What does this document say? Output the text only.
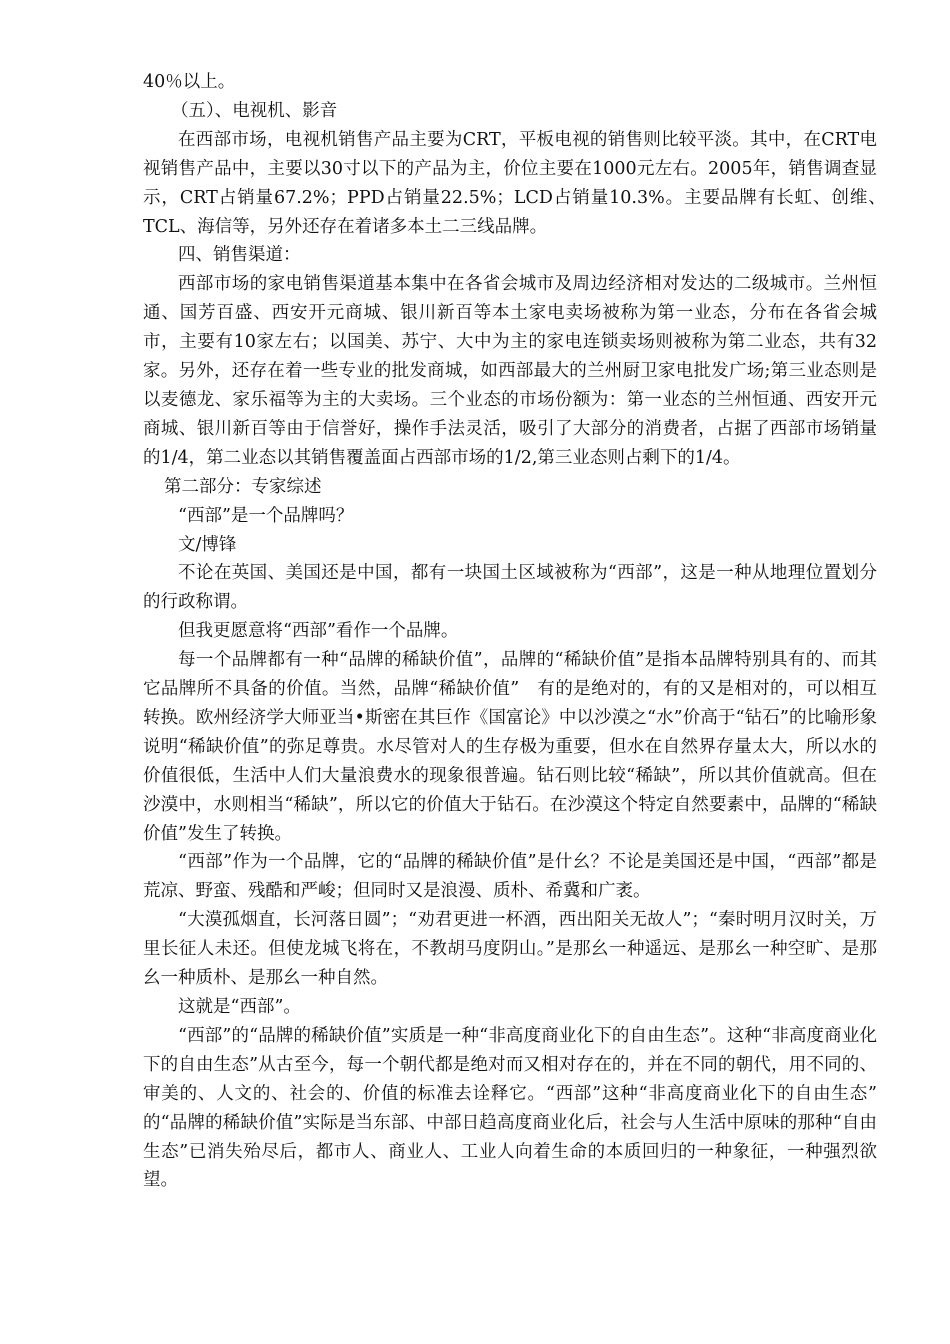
40％以上。

（五）、电视机、影音

在西部市场，电视机销售产品主要为CRT，平板电视的销售则比较平淡。其中，在CRT电视销售产品中，主要以30寸以下的产品为主，价位主要在1000元左右。2005年，销售调查显示，CRT占销量67.2%；PPD占销量22.5%；LCD占销量10.3%。主要品牌有长虹、创维、　TCL、海信等，另外还存在着诸多本土二三线品牌。

四、销售渠道：

西部市场的家电销售渠道基本集中在各省会城市及周边经济相对发达的二级城市。兰州恒通、国芳百盛、西安开元商城、银川新百等本土家电卖场被称为第一业态，分布在各省会城市，主要有10家左右；以国美、苏宁、大中为主的家电连锁卖场则被称为第二业态，共有32家。另外，还存在着一些专业的批发商城，如西部最大的兰州厨卫家电批发广场;第三业态则是以麦德龙、家乐福等为主的大卖场。三个业态的市场份额为：第一业态的兰州恒通、西安开元商城、银川新百等由于信誉好，操作手法灵活，吸引了大部分的消费者，占据了西部市场销量的1/4，第二业态以其销售覆盖面占西部市场的1/2,第三业态则占剩下的1/4。

第二部分：专家综述

“西部”是一个品牌吗？

文/博锋

不论在英国、美国还是中国，都有一块国土区域被称为“西部”，这是一种从地理位置划分的行政称谓。

但我更愿意将“西部”看作一个品牌。

每一个品牌都有一种“品牌的稀缺价值”，品牌的“稀缺价值”是指本品牌特别具有的、而其它品牌所不具备的价值。当然，品牌“稀缺价值”　有的是绝对的，有的又是相对的，可以相互转换。欧州经济学大师亚当•斯密在其巨作《国富论》中以沙漠之“水”价高于“钻石”的比喻形象说明“稀缺价值”的弥足尊贵。水尽管对人的生存极为重要，但水在自然界存量太大，所以水的价值很低，生活中人们大量浪费水的现象很普遍。钻石则比较“稀缺”，所以其价值就高。但在沙漠中，水则相当“稀缺”，所以它的价值大于钻石。在沙漠这个特定自然要素中，品牌的“稀缺价值”发生了转换。

“西部”作为一个品牌，它的“品牌的稀缺价值”是什幺？不论是美国还是中国，“西部”都是荒凉、野蛮、残酷和严峻；但同时又是浪漫、质朴、希冀和广袤。

“大漠孤烟直，长河落日圆”；“劝君更进一杯酒，西出阳关无故人”；“秦时明月汉时关，万里长征人未还。但使龙城飞将在，不教胡马度阴山。”是那幺一种遥远、是那幺一种空旷、是那幺一种质朴、是那幺一种自然。

这就是“西部”。

“西部”的“品牌的稀缺价值”实质是一种“非高度商业化下的自由生态”。这种“非高度商业化下的自由生态”从古至今，每一个朝代都是绝对而又相对存在的，并在不同的朝代，用不同的、审美的、人文的、社会的、价值的标准去诠释它。“西部”这种“非高度商业化下的自由生态”　的“品牌的稀缺价值”实际是当东部、中部日趋高度商业化后，社会与人生活中原味的那种“自由生态”已消失殆尽后，都市人、商业人、工业人向着生命的本质回归的一种象征，一种强烈欲望。
